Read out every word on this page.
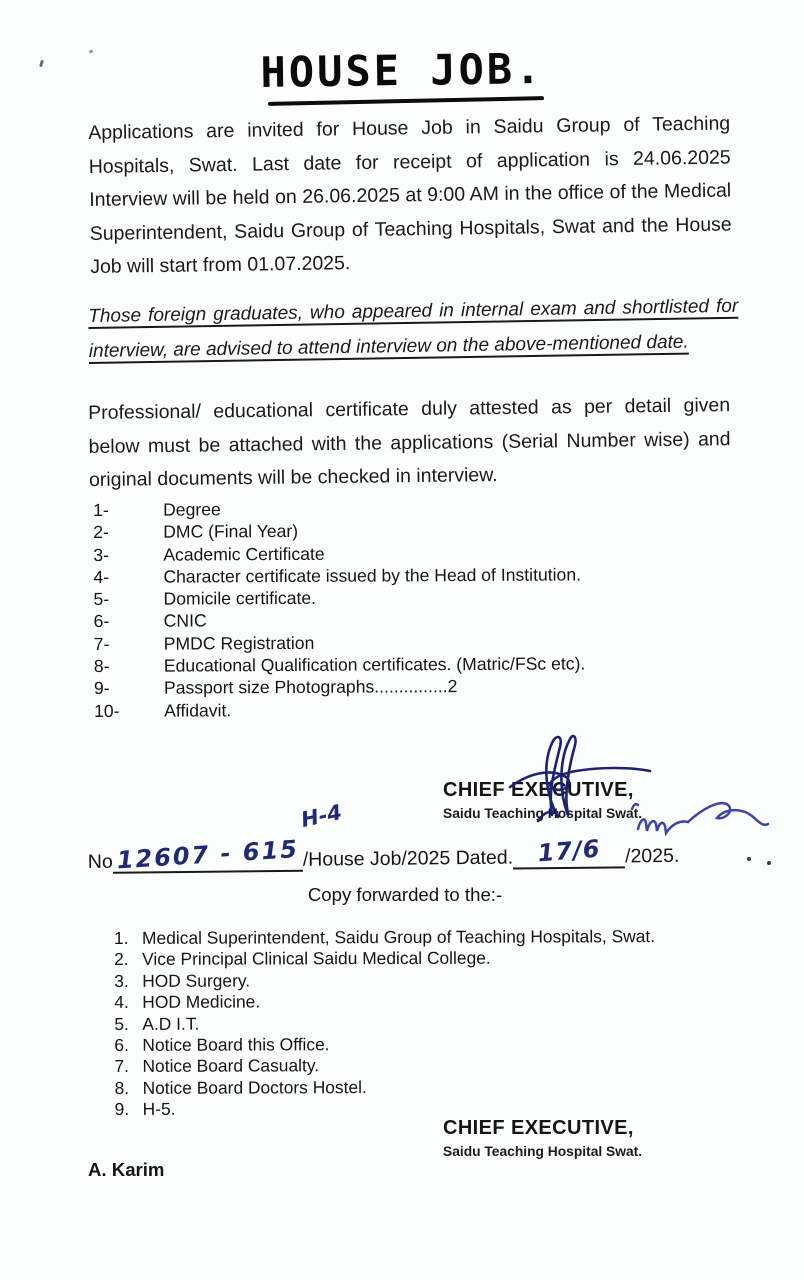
HOUSE JOB.
Applications are invited for House Job in Saidu Group of Teaching Hospitals, Swat. Last date for receipt of application is 24.06.2025 Interview will be held on 26.06.2025 at 9:00 AM in the office of the Medical Superintendent, Saidu Group of Teaching Hospitals, Swat and the House Job will start from 01.07.2025.
Those foreign graduates, who appeared in internal exam and shortlisted for interview, are advised to attend interview on the above-mentioned date.
Professional/ educational certificate duly attested as per detail given below must be attached with the applications (Serial Number wise) and original documents will be checked in interview.
1-	Degree
2-	DMC (Final Year)
3-	Academic Certificate
4-	Character certificate issued by the Head of Institution.
5-	Domicile certificate.
6-	CNIC
7-	PMDC Registration
8-	Educational Qualification certificates. (Matric/FSc etc).
9-	Passport size Photographs...............2
10-	Affidavit.
CHIEF EXECUTIVE,
Saidu Teaching Hospital Swat.
H-4
No 12607 - 615 /House Job/2025 Dated. 17/6 /2025.
Copy forwarded to the:-
1. Medical Superintendent, Saidu Group of Teaching Hospitals, Swat.
2. Vice Principal Clinical Saidu Medical College.
3. HOD Surgery.
4. HOD Medicine.
5. A.D I.T.
6. Notice Board this Office.
7. Notice Board Casualty.
8. Notice Board Doctors Hostel.
9. H-5.
CHIEF EXECUTIVE,
Saidu Teaching Hospital Swat.
A. Karim
